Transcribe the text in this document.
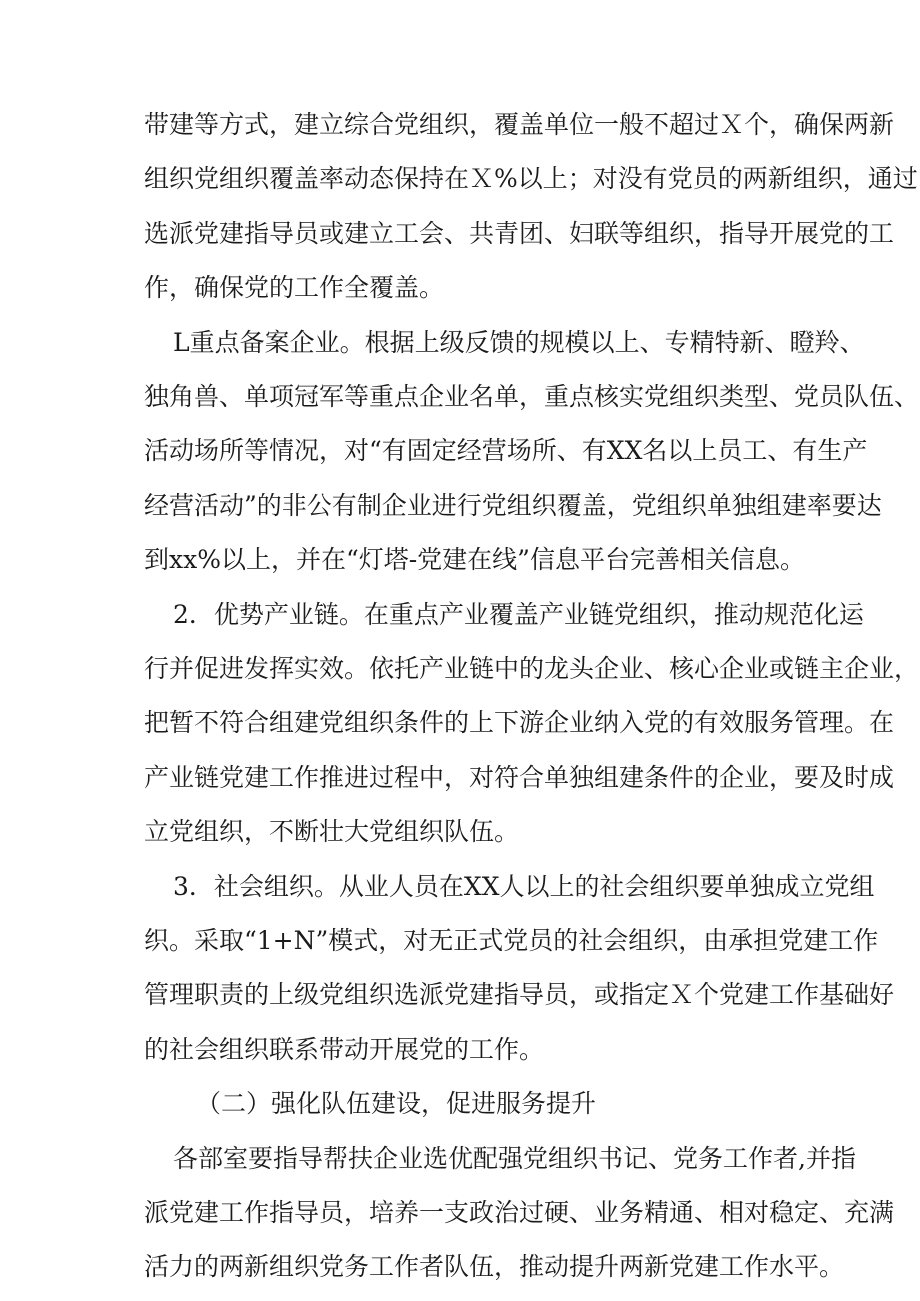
带建等方式，建立综合党组织，覆盖单位一般不超过Ｘ个，确保两新

组织党组织覆盖率动态保持在Ｘ%以上；对没有党员的两新组织，通过

选派党建指导员或建立工会、共青团、妇联等组织，指导开展党的工

作，确保党的工作全覆盖。

L重点备案企业。根据上级反馈的规模以上、专精特新、瞪羚、

独角兽、单项冠军等重点企业名单，重点核实党组织类型、党员队伍、

活动场所等情况，对“有固定经营场所、有XX名以上员工、有生产

经营活动”的非公有制企业进行党组织覆盖，党组织单独组建率要达

到xx%以上，并在“灯塔-党建在线”信息平台完善相关信息。

2．优势产业链。在重点产业覆盖产业链党组织，推动规范化运

行并促进发挥实效。依托产业链中的龙头企业、核心企业或链主企业，

把暂不符合组建党组织条件的上下游企业纳入党的有效服务管理。在

产业链党建工作推进过程中，对符合单独组建条件的企业，要及时成

立党组织，不断壮大党组织队伍。

3．社会组织。从业人员在XX人以上的社会组织要单独成立党组

织。采取“1+N”模式，对无正式党员的社会组织，由承担党建工作

管理职责的上级党组织选派党建指导员，或指定Ｘ个党建工作基础好

的社会组织联系带动开展党的工作。

（二）强化队伍建设，促进服务提升

各部室要指导帮扶企业选优配强党组织书记、党务工作者,并指

派党建工作指导员，培养一支政治过硬、业务精通、相对稳定、充满

活力的两新组织党务工作者队伍，推动提升两新党建工作水平。
